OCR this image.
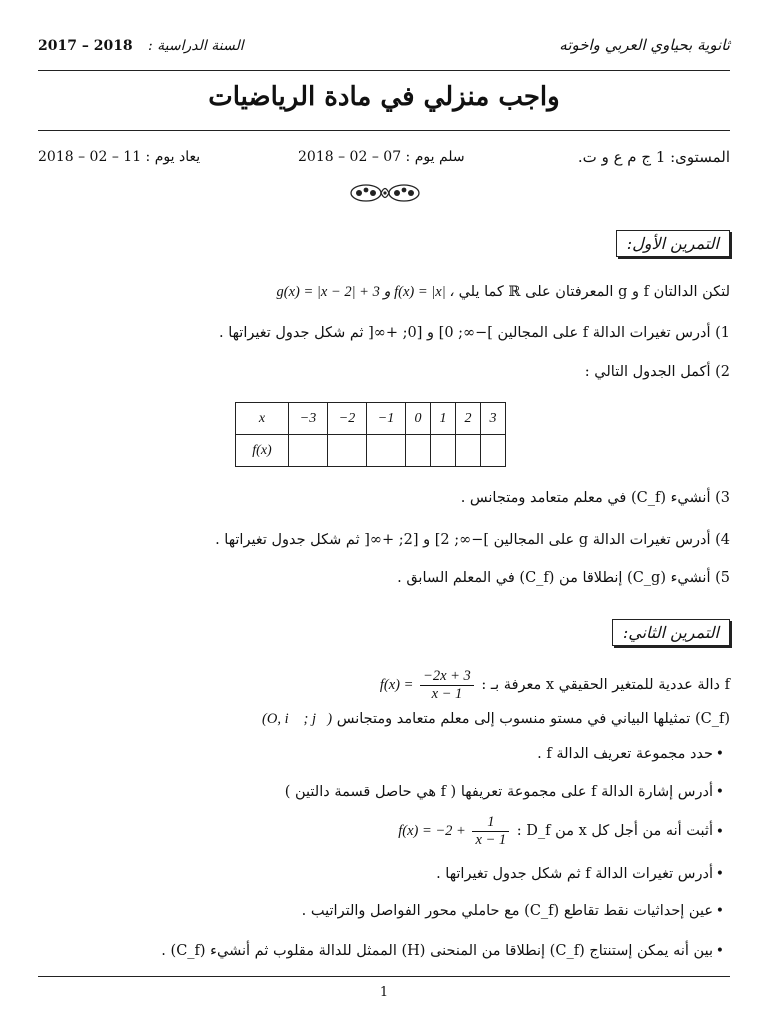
ثانوية بحياوي العربي واخوته
السنة الدراسية :
2017 – 2018
واجب منزلي في مادة الرياضيات
المستوى: 1 ج م ع و ت.
سلم يوم : 07 – 02 – 2018
يعاد يوم : 11 – 02 – 2018
التمرين الأول:
لتكن الدالتان f و g المعرفتان على ℝ كما يلي g(x) = |x − 2| + 3 و f(x) = |x| ،
1) أدرس تغيرات الدالة f على المجالين ]−∞; 0] و [0; +∞[ ثم شكل جدول تغيراتها .
2) أكمل الجدول التالي :
x	−3	−2	−1	0	1	2	3
f(x)							
3) أنشيء (C_f) في معلم متعامد ومتجانس .
4) أدرس تغيرات الدالة g على المجالين ]−∞; 2] و [2; +∞[ ثم شكل جدول تغيراتها .
5) أنشيء (C_g) إنطلاقا من (C_f) في المعلم السابق .
التمرين الثاني:
f دالة عددية للمتغير الحقيقي x معرفة بـ : $f(x) = \frac{-2x + 3}{x - 1}$
(C_f) تمثيلها البياني في مستو منسوب إلى معلم متعامد ومتجانس (O, i⃗ ; j⃗)
حدد مجموعة تعريف الدالة f . •
أدرس إشارة الدالة f على مجموعة تعريفها ( f هي حاصل قسمة دالتين ) •
أثبت أنه من أجل كل x من D_f : $f(x) = -2 + \frac{1}{x - 1}$	•
أدرس تغيرات الدالة f ثم شكل جدول تغيراتها . •
عين إحداثيات نقط تقاطع (C_f) مع حاملي محور الفواصل والتراتيب . •
بين أنه يمكن إستنتاج (C_f) إنطلاقا من المنحنى (H) الممثل للدالة مقلوب ثم أنشيء (C_f) . •
1
